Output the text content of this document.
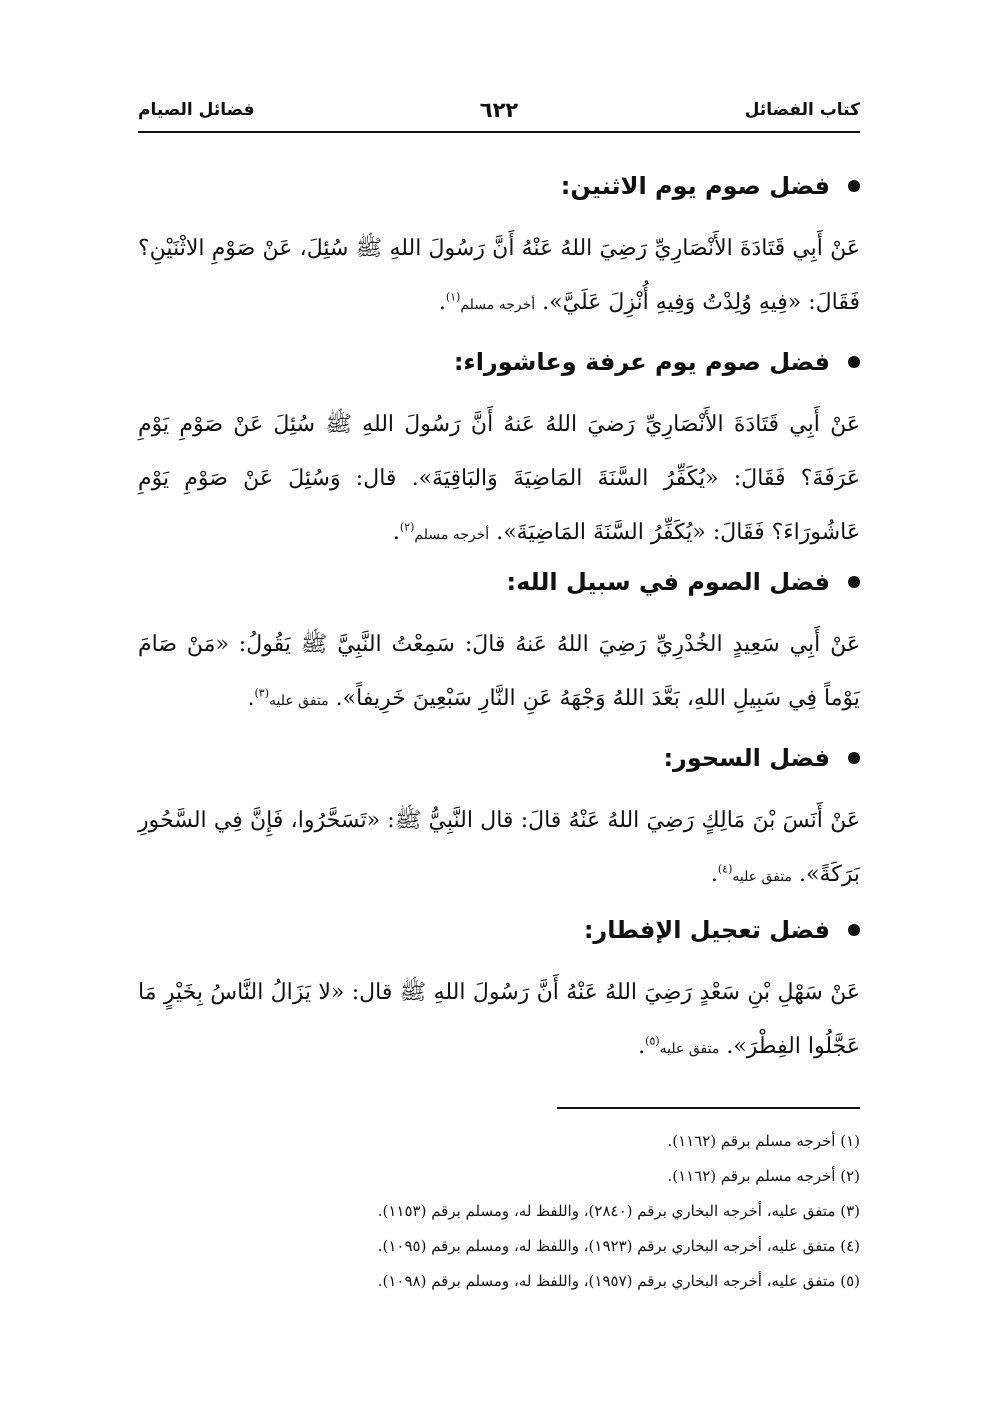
كتاب الفضائل
٦٢٢
فضائل الصيام
فضل صوم يوم الاثنين:
عَنْ أَبِي قَتَادَةَ الأَنْصَارِيِّ رَضِيَ اللهُ عَنْهُ أَنَّ رَسُولَ اللهِ ﷺ سُئِلَ، عَنْ صَوْمِ الاثْنَيْنِ؟ فَقَالَ: «فِيهِ وُلِدْتُ وَفِيهِ أُنْزِلَ عَلَيَّ». أخرجه مسلم$^{(١)}$.
فضل صوم يوم عرفة وعاشوراء:
عَنْ أَبِي قَتَادَةَ الأَنْصَارِيِّ رَضيَ اللهُ عَنهُ أَنَّ رَسُولَ اللهِ ﷺ سُئِلَ عَنْ صَوْمِ يَوْمِ عَرَفَةَ؟ فَقَالَ: «يُكَفِّرُ السَّنَةَ المَاضِيَةَ وَالبَاقِيَةَ». قال: وَسُئِلَ عَنْ صَوْمِ يَوْمِ عَاشُورَاءَ؟ فَقَالَ: «يُكَفِّرُ السَّنَةَ المَاضِيَةَ». أخرجه مسلم$^{(٢)}$.
فضل الصوم في سبيل الله:
عَنْ أَبِي سَعِيدٍ الخُدْرِيِّ رَضِيَ اللهُ عَنهُ قالَ: سَمِعْتُ النَّبِيَّ ﷺ يَقُولُ: «مَنْ صَامَ يَوْماً فِي سَبِيلِ اللهِ، بَعَّدَ اللهُ وَجْهَهُ عَنِ النَّارِ سَبْعِينَ خَرِيفاً». متفق عليه$^{(٣)}$.
فضل السحور:
عَنْ أَنَسَ بْنَ مَالِكٍ رَضِيَ اللهُ عَنْهُ قالَ: قال النَّبِيُّ ﷺ: «تَسَحَّرُوا، فَإِنَّ فِي السَّحُورِ بَرَكَةً». متفق عليه$^{(٤)}$.
فضل تعجيل الإفطار:
عَنْ سَهْلِ بْنِ سَعْدٍ رَضِيَ اللهُ عَنْهُ أَنَّ رَسُولَ اللهِ ﷺ قال: «لا يَزَالُ النَّاسُ بِخَيْرٍ مَا عَجَّلُوا الفِطْرَ». متفق عليه$^{(٥)}$.
(١) أخرجه مسلم برقم (١١٦٢).
(٢) أخرجه مسلم برقم (١١٦٢).
(٣) متفق عليه، أخرجه البخاري برقم (٢٨٤٠)، واللفظ له، ومسلم برقم (١١٥٣).
(٤) متفق عليه، أخرجه البخاري برقم (١٩٢٣)، واللفظ له، ومسلم برقم (١٠٩٥).
(٥) متفق عليه، أخرجه البخاري برقم (١٩٥٧)، واللفظ له، ومسلم برقم (١٠٩٨).
